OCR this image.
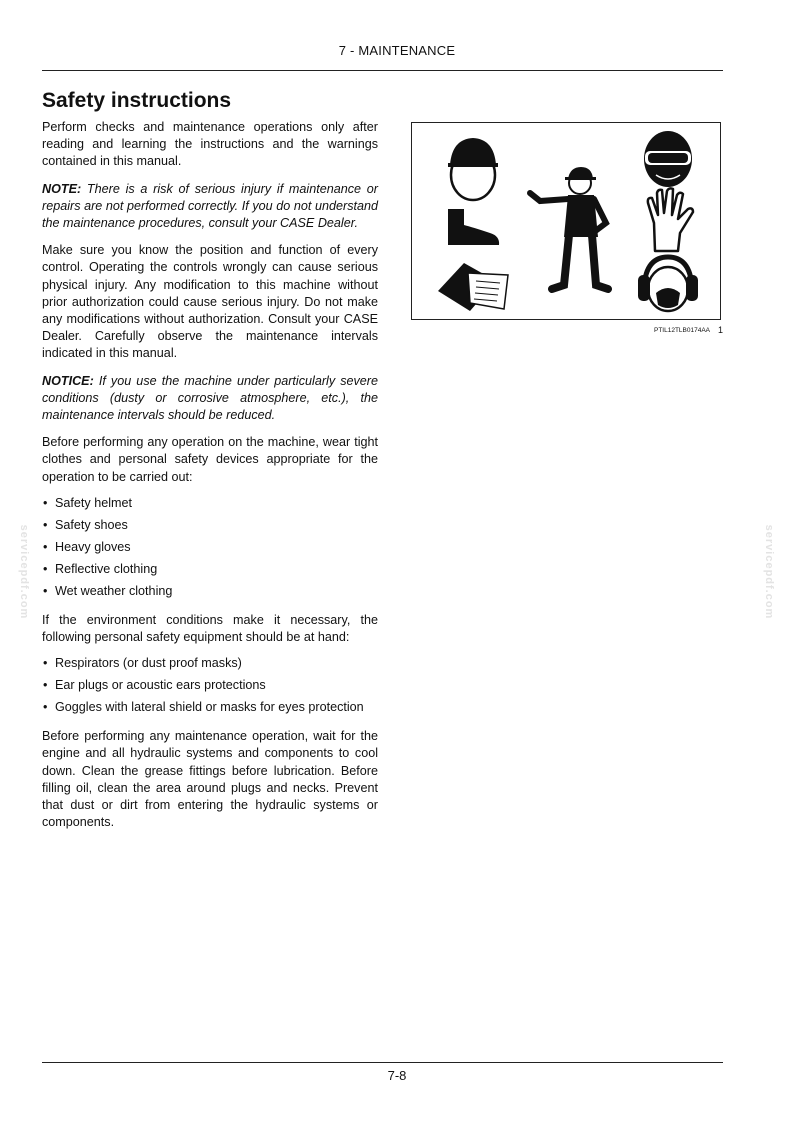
7 - MAINTENANCE
Safety instructions

Perform checks and maintenance operations only after reading and learning the instructions and the warnings contained in this manual.

NOTE: There is a risk of serious injury if maintenance or repairs are not performed correctly. If you do not understand the maintenance procedures, consult your CASE Dealer.

Make sure you know the position and function of every control. Operating the controls wrongly can cause serious physical injury. Any modification to this machine without prior authorization could cause serious injury. Do not make any modifications without authorization. Consult your CASE Dealer. Carefully observe the maintenance intervals indicated in this manual.

NOTICE: If you use the machine under particularly severe conditions (dusty or corrosive atmosphere, etc.), the maintenance intervals should be reduced.

Before performing any operation on the machine, wear tight clothes and personal safety devices appropriate for the operation to be carried out:

• Safety helmet
• Safety shoes
• Heavy gloves
• Reflective clothing
• Wet weather clothing

If the environment conditions make it necessary, the following personal safety equipment should be at hand:

• Respirators (or dust proof masks)
• Ear plugs or acoustic ears protections
• Goggles with lateral shield or masks for eyes protection

Before performing any maintenance operation, wait for the engine and all hydraulic systems and components to cool down. Clean the grease fittings before lubrication. Before filling oil, clean the area around plugs and necks. Prevent that dust or dirt from entering the hydraulic systems or components.

PTIL12TLB0174AA 1
servicepdf.com	servicepdf.com
7-8
